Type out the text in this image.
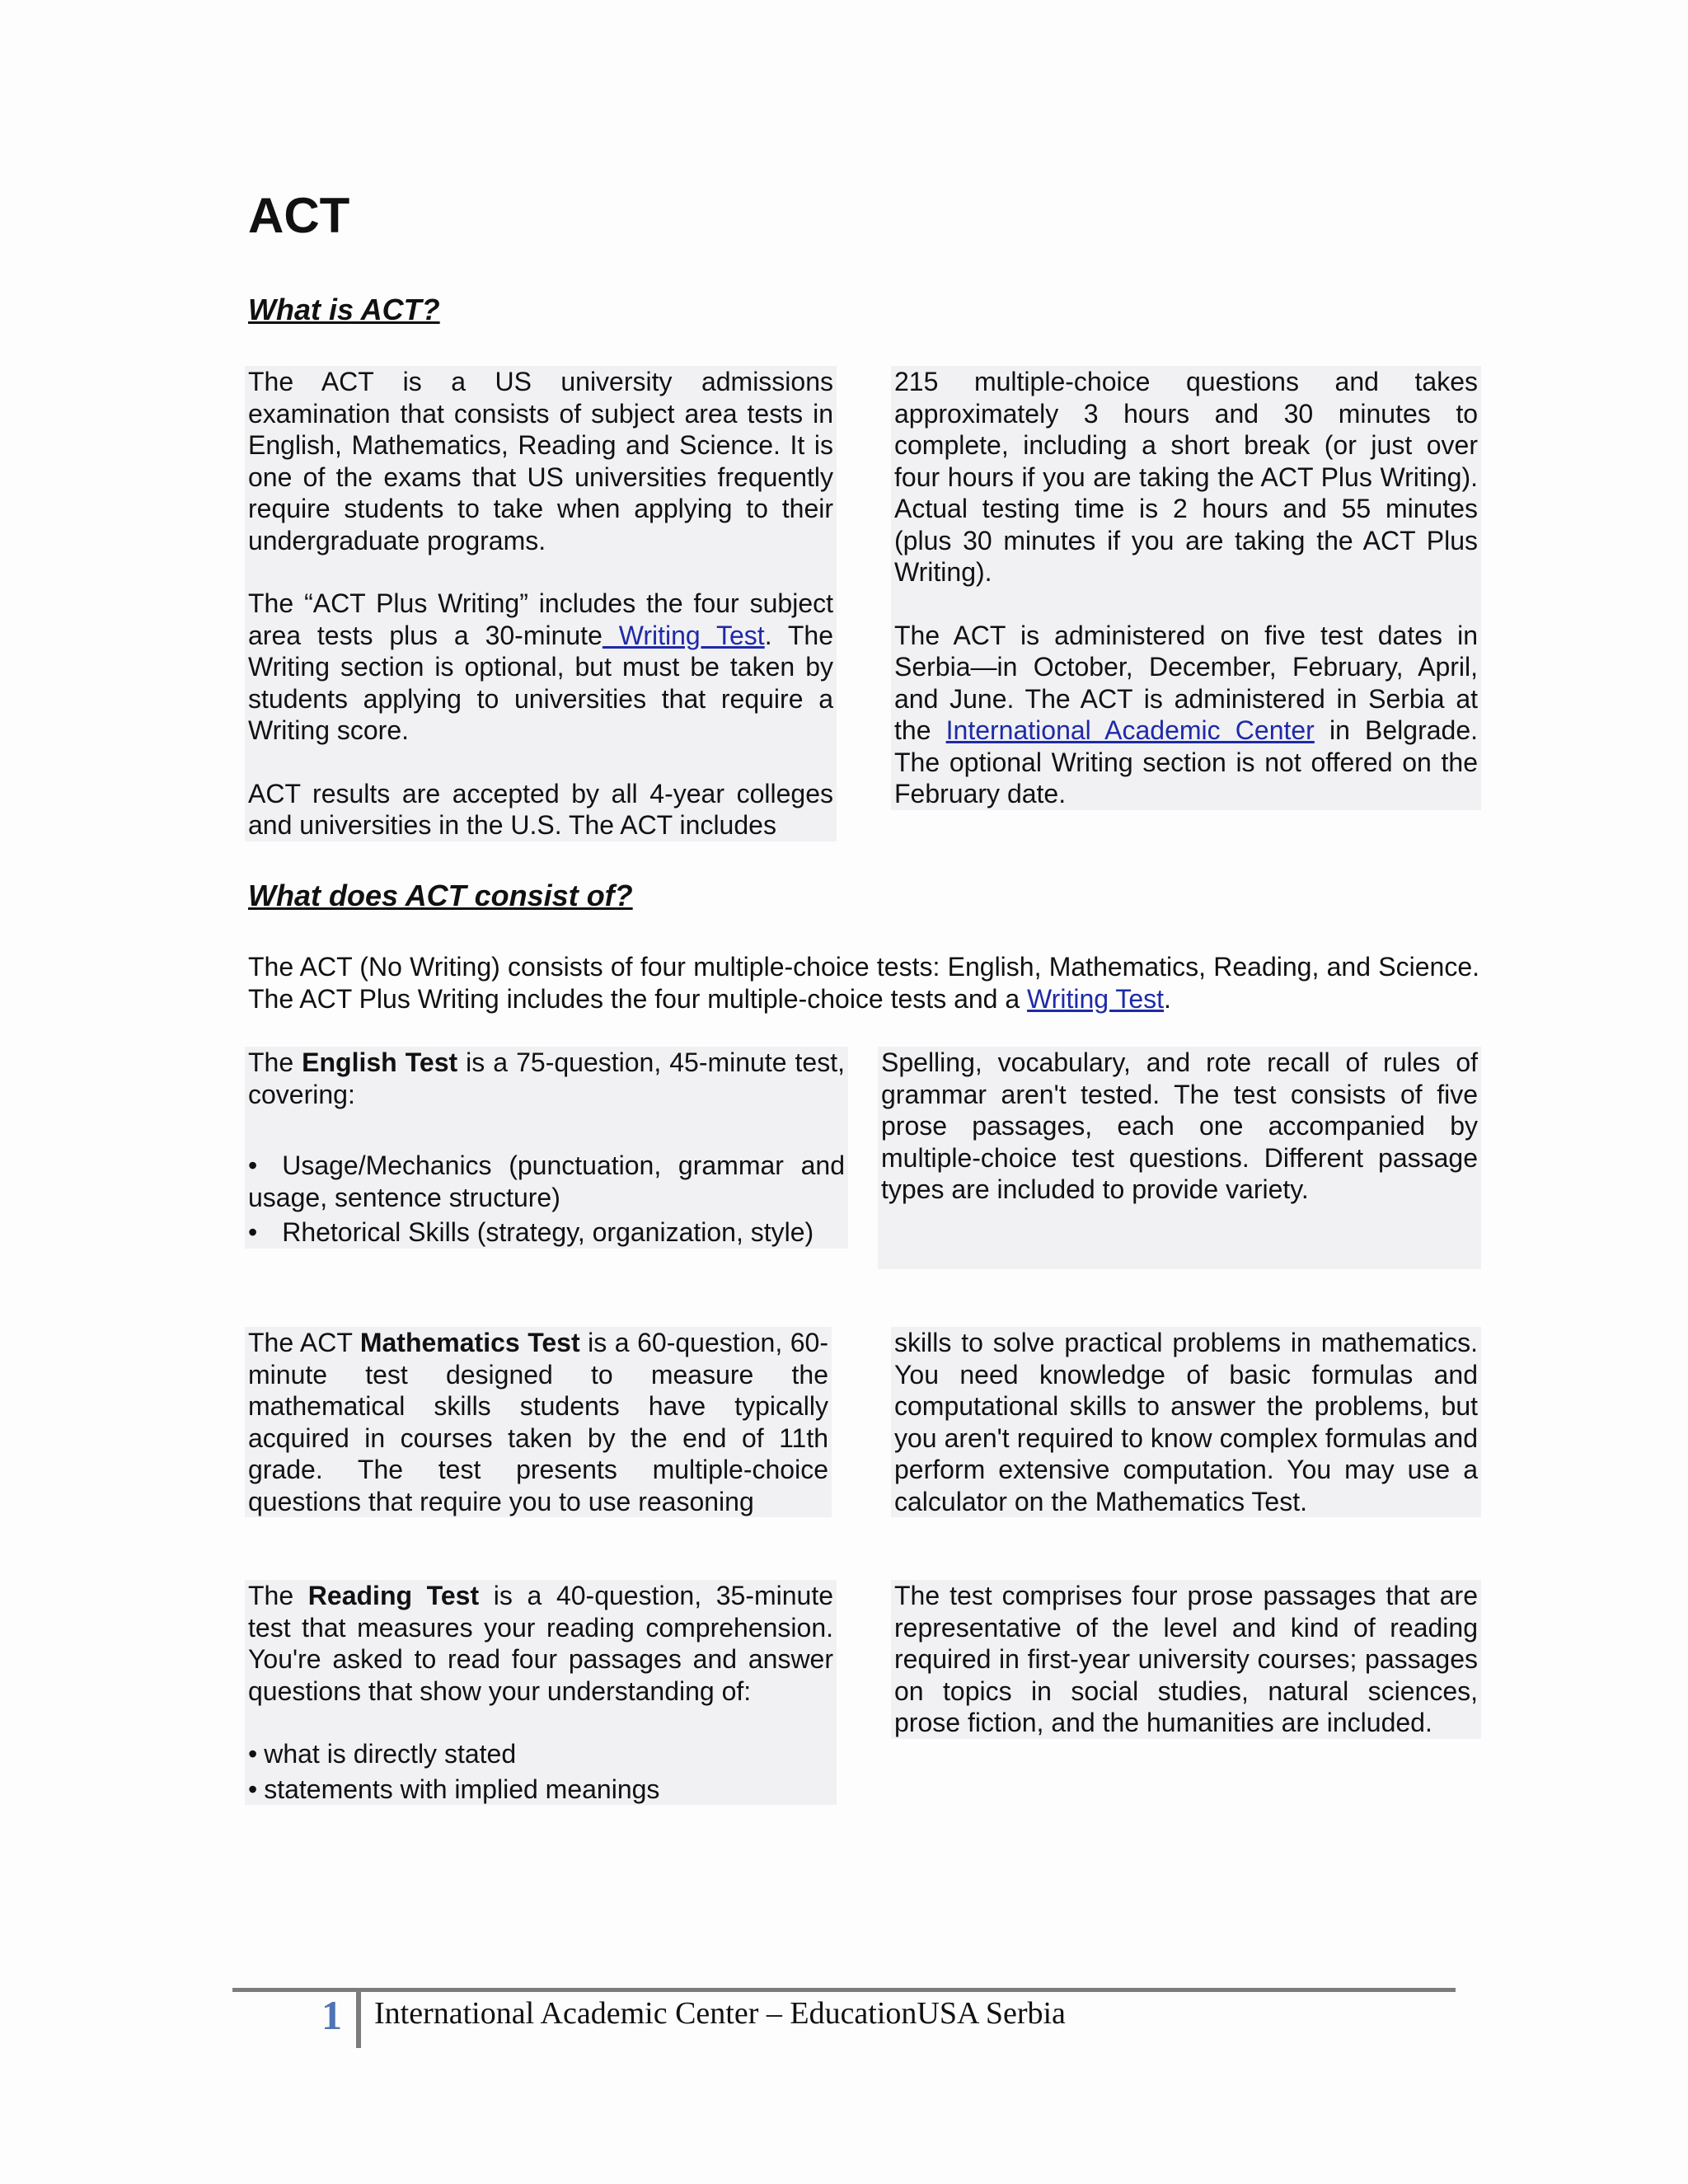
ACT
What is ACT?

The ACT is a US university admissions examination that consists of subject area tests in English, Mathematics, Reading and Science. It is one of the exams that US universities frequently require students to take when applying to their undergraduate programs.

The “ACT Plus Writing” includes the four subject area tests plus a 30-minute Writing Test. The Writing section is optional, but must be taken by students applying to universities that require a Writing score.

ACT results are accepted by all 4-year colleges and universities in the U.S. The ACT includes

215 multiple-choice questions and takes approximately 3 hours and 30 minutes to complete, including a short break (or just over four hours if you are taking the ACT Plus Writing). Actual testing time is 2 hours and 55 minutes (plus 30 minutes if you are taking the ACT Plus Writing).

The ACT is administered on five test dates in Serbia—in October, December, February, April, and June. The ACT is administered in Serbia at the International Academic Center in Belgrade. The optional Writing section is not offered on the February date.

What does ACT consist of?

The ACT (No Writing) consists of four multiple-choice tests: English, Mathematics, Reading, and Science. The ACT Plus Writing includes the four multiple-choice tests and a Writing Test.

The English Test is a 75-question, 45-minute test, covering:

• Usage/Mechanics (punctuation, grammar and usage, sentence structure)
• Rhetorical Skills (strategy, organization, style)

Spelling, vocabulary, and rote recall of rules of grammar aren't tested. The test consists of five prose passages, each one accompanied by multiple-choice test questions. Different passage types are included to provide variety.

The ACT Mathematics Test is a 60-question, 60-minute test designed to measure the mathematical skills students have typically acquired in courses taken by the end of 11th grade. The test presents multiple-choice questions that require you to use reasoning

skills to solve practical problems in mathematics. You need knowledge of basic formulas and computational skills to answer the problems, but you aren't required to know complex formulas and perform extensive computation. You may use a calculator on the Mathematics Test.

The Reading Test is a 40-question, 35-minute test that measures your reading comprehension. You're asked to read four passages and answer questions that show your understanding of:

• what is directly stated
• statements with implied meanings

The test comprises four prose passages that are representative of the level and kind of reading required in first-year university courses; passages on topics in social studies, natural sciences, prose fiction, and the humanities are included.

1 International Academic Center – EducationUSA Serbia
